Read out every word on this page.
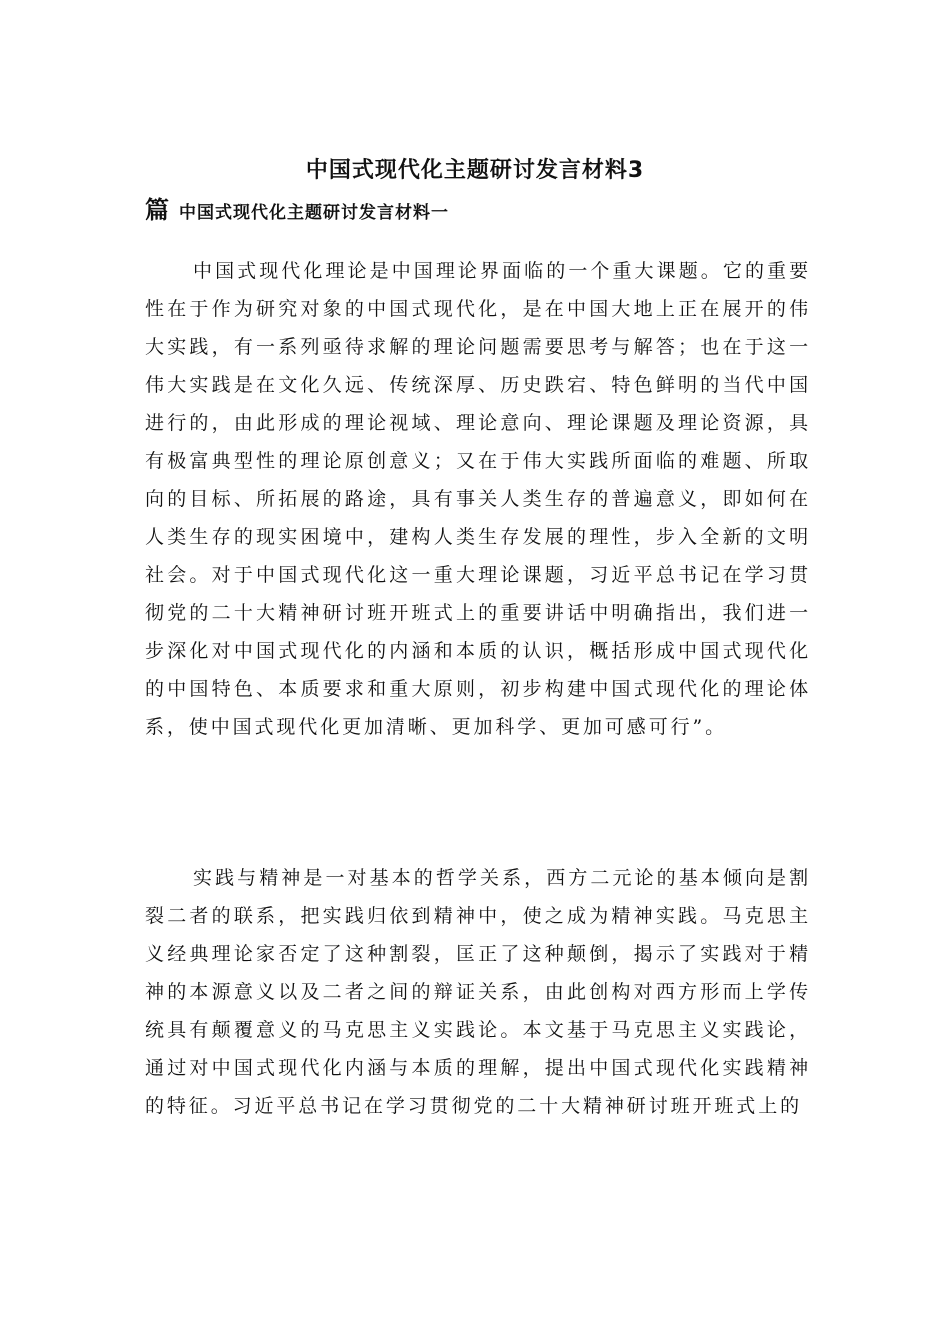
中国式现代化主题研讨发言材料3
篇 中国式现代化主题研讨发言材料一

中国式现代化理论是中国理论界面临的一个重大课题。它的重要性在于作为研究对象的中国式现代化，是在中国大地上正在展开的伟大实践，有一系列亟待求解的理论问题需要思考与解答；也在于这一伟大实践是在文化久远、传统深厚、历史跌宕、特色鲜明的当代中国进行的，由此形成的理论视域、理论意向、理论课题及理论资源，具有极富典型性的理论原创意义；又在于伟大实践所面临的难题、所取向的目标、所拓展的路途，具有事关人类生存的普遍意义，即如何在人类生存的现实困境中，建构人类生存发展的理性，步入全新的文明社会。对于中国式现代化这一重大理论课题，习近平总书记在学习贯彻党的二十大精神研讨班开班式上的重要讲话中明确指出，我们进一步深化对中国式现代化的内涵和本质的认识，概括形成中国式现代化的中国特色、本质要求和重大原则，初步构建中国式现代化的理论体系，使中国式现代化更加清晰、更加科学、更加可感可行”。

实践与精神是一对基本的哲学关系，西方二元论的基本倾向是割裂二者的联系，把实践归依到精神中，使之成为精神实践。马克思主义经典理论家否定了这种割裂，匡正了这种颠倒，揭示了实践对于精神的本源意义以及二者之间的辩证关系，由此创构对西方形而上学传统具有颠覆意义的马克思主义实践论。本文基于马克思主义实践论，通过对中国式现代化内涵与本质的理解，提出中国式现代化实践精神的特征。习近平总书记在学习贯彻党的二十大精神研讨班开班式上的
